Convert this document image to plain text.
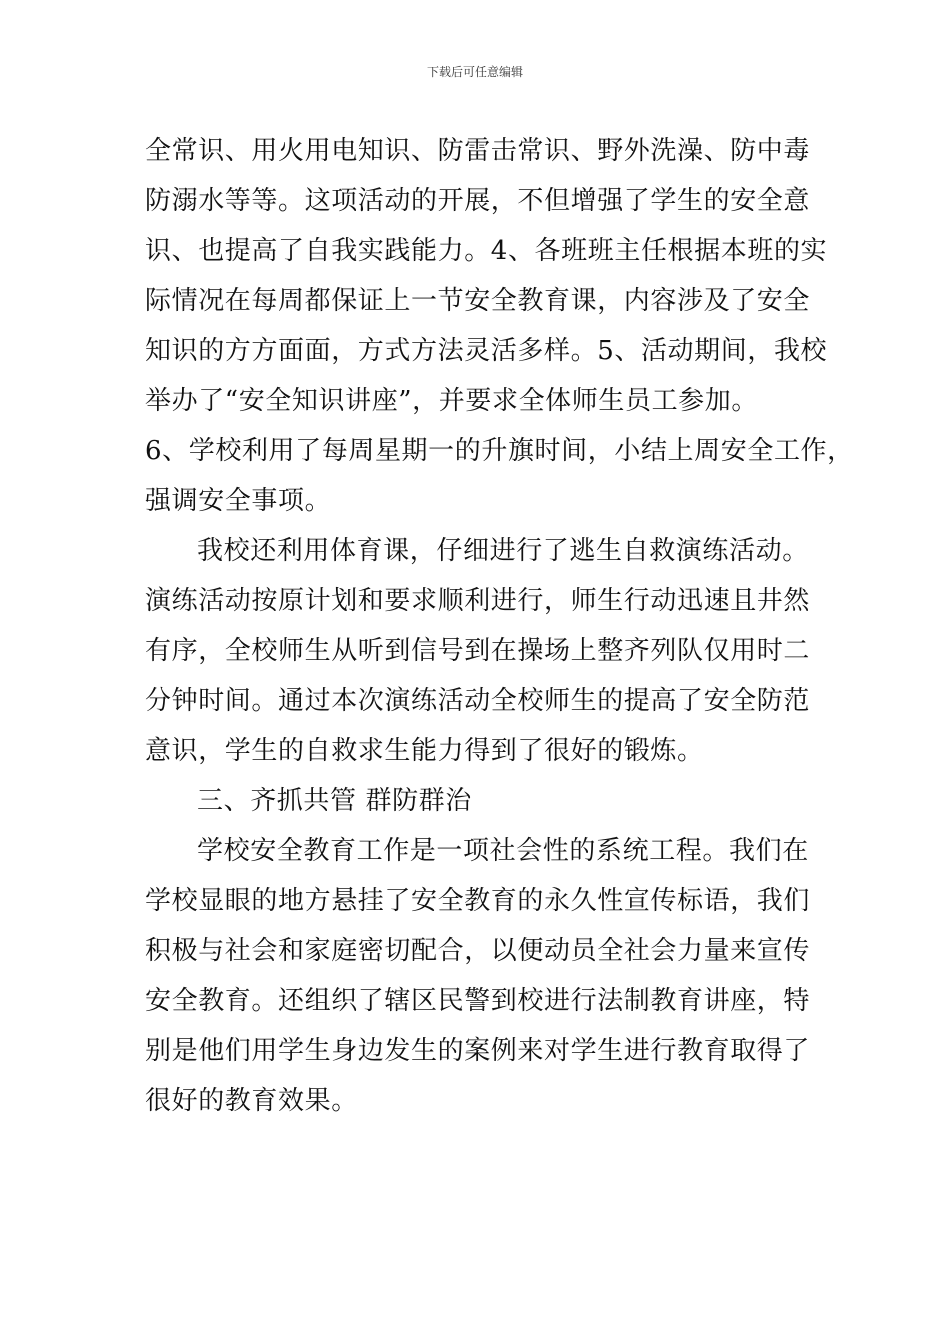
下载后可任意编辑
全常识、用火用电知识、防雷击常识、野外洗澡、防中毒
防溺水等等。这项活动的开展，不但增强了学生的安全意
识、也提高了自我实践能力。4、各班班主任根据本班的实
际情况在每周都保证上一节安全教育课，内容涉及了安全
知识的方方面面，方式方法灵活多样。5、活动期间，我校
举办了“安全知识讲座”，并要求全体师生员工参加。
6、学校利用了每周星期一的升旗时间，小结上周安全工作，
强调安全事项。
我校还利用体育课，仔细进行了逃生自救演练活动。
演练活动按原计划和要求顺利进行，师生行动迅速且井然
有序，全校师生从听到信号到在操场上整齐列队仅用时二
分钟时间。通过本次演练活动全校师生的提高了安全防范
意识，学生的自救求生能力得到了很好的锻炼。
三、齐抓共管 群防群治
学校安全教育工作是一项社会性的系统工程。我们在
学校显眼的地方悬挂了安全教育的永久性宣传标语，我们
积极与社会和家庭密切配合，以便动员全社会力量来宣传
安全教育。还组织了辖区民警到校进行法制教育讲座，特
别是他们用学生身边发生的案例来对学生进行教育取得了
很好的教育效果。
